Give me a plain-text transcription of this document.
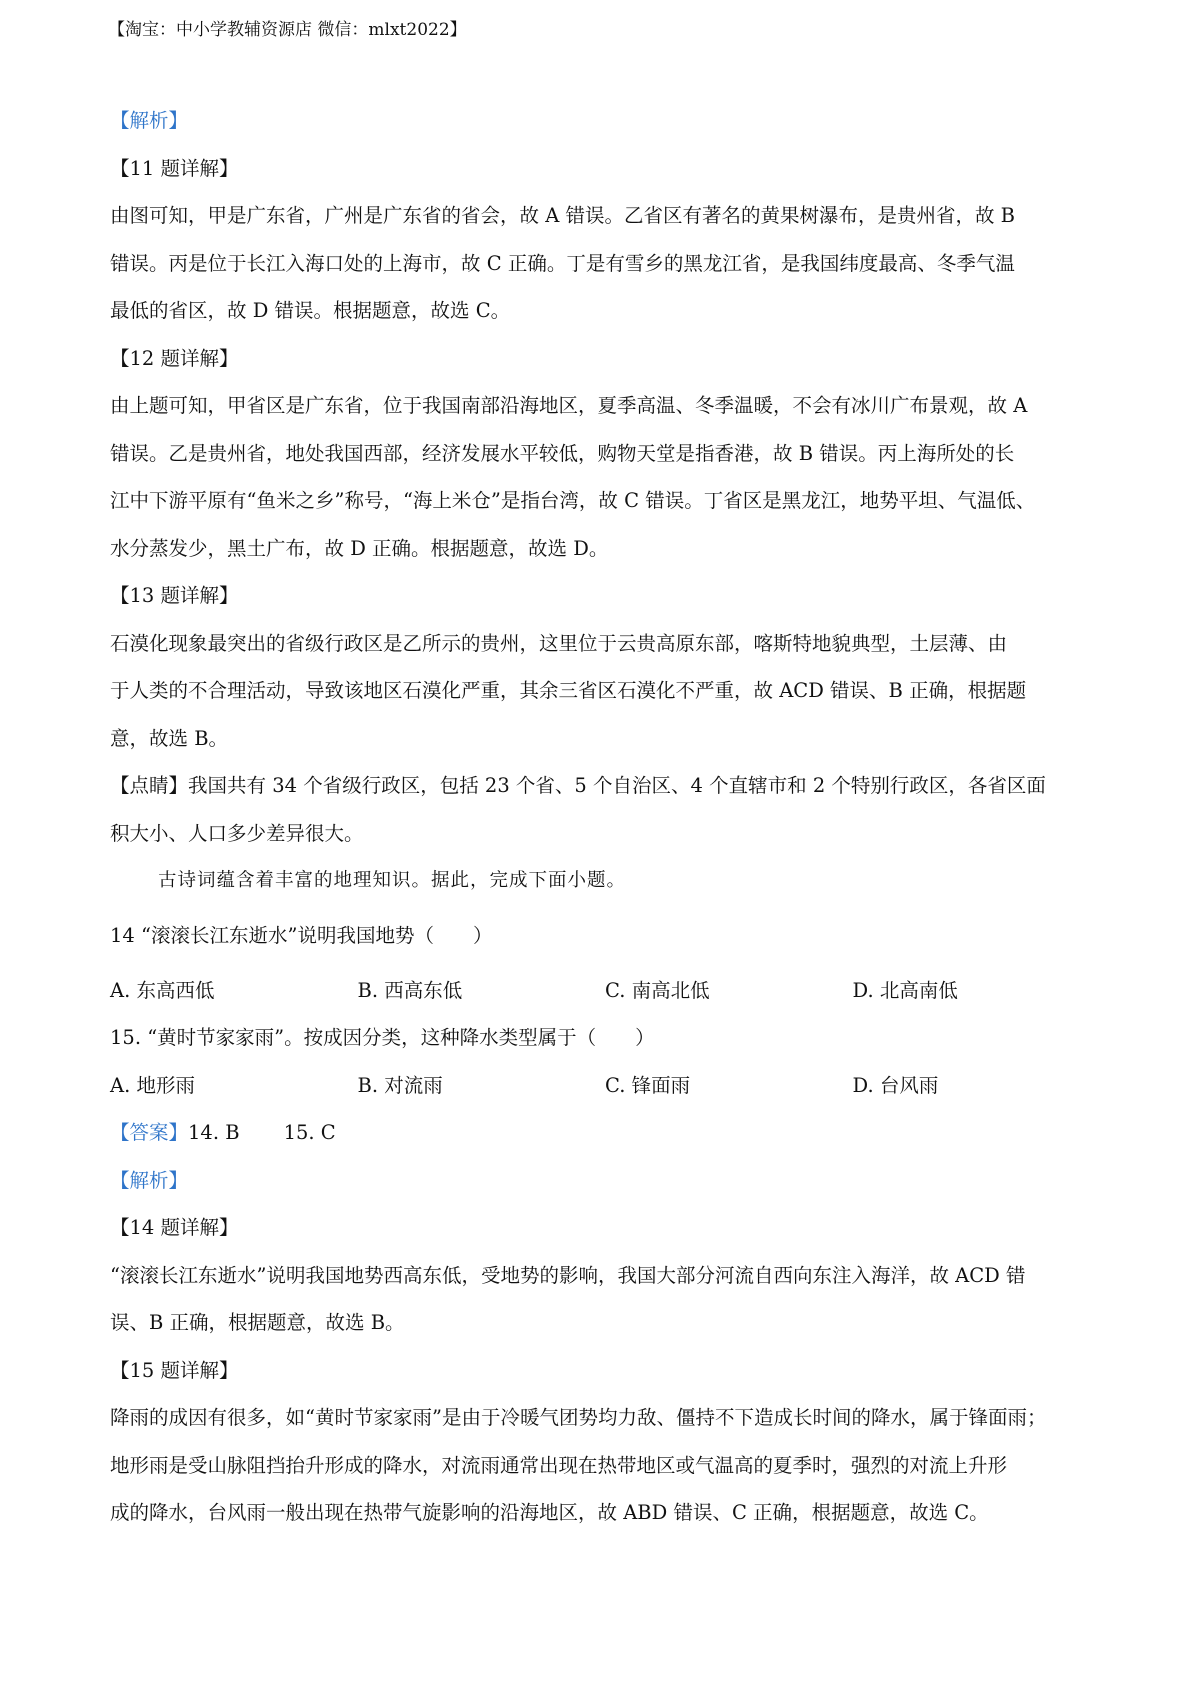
【淘宝：中小学教辅资源店 微信：mlxt2022】
【解析】
【11 题详解】
由图可知，甲是广东省，广州是广东省的省会，故 A 错误。乙省区有著名的黄果树瀑布，是贵州省，故 B
错误。丙是位于长江入海口处的上海市，故 C 正确。丁是有雪乡的黑龙江省，是我国纬度最高、冬季气温
最低的省区，故 D 错误。根据题意，故选 C。
【12 题详解】
由上题可知，甲省区是广东省，位于我国南部沿海地区，夏季高温、冬季温暖，不会有冰川广布景观，故 A
错误。乙是贵州省，地处我国西部，经济发展水平较低，购物天堂是指香港，故 B 错误。丙上海所处的长
江中下游平原有“鱼米之乡”称号，“海上米仓”是指台湾，故 C 错误。丁省区是黑龙江，地势平坦、气温低、
水分蒸发少，黑土广布，故 D 正确。根据题意，故选 D。
【13 题详解】
石漠化现象最突出的省级行政区是乙所示的贵州，这里位于云贵高原东部，喀斯特地貌典型，土层薄、由
于人类的不合理活动，导致该地区石漠化严重，其余三省区石漠化不严重，故 ACD 错误、B 正确，根据题
意，故选 B。
【点睛】我国共有 34 个省级行政区，包括 23 个省、5 个自治区、4 个直辖市和 2 个特别行政区，各省区面
积大小、人口多少差异很大。
古诗词蕴含着丰富的地理知识。据此，完成下面小题。
14 “滚滚长江东逝水”说明我国地势（　　）
A. 东高西低	B. 西高东低	C. 南高北低	D. 北高南低
15. “黄时节家家雨”。按成因分类，这种降水类型属于（　　）
A. 地形雨	B. 对流雨	C. 锋面雨	D. 台风雨
【答案】14. B 15. C
【解析】
【14 题详解】
“滚滚长江东逝水”说明我国地势西高东低，受地势的影响，我国大部分河流自西向东注入海洋，故 ACD 错
误、B 正确，根据题意，故选 B。
【15 题详解】
降雨的成因有很多，如“黄时节家家雨”是由于冷暖气团势均力敌、僵持不下造成长时间的降水，属于锋面雨；
地形雨是受山脉阻挡抬升形成的降水，对流雨通常出现在热带地区或气温高的夏季时，强烈的对流上升形
成的降水，台风雨一般出现在热带气旋影响的沿海地区，故 ABD 错误、C 正确，根据题意，故选 C。
